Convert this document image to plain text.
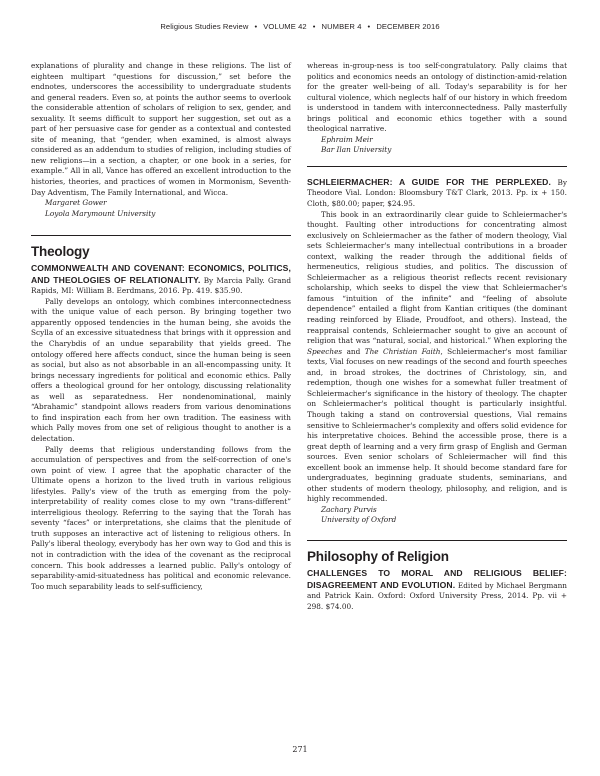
Religious Studies Review • VOLUME 42 • NUMBER 4 • DECEMBER 2016

explanations of plurality and change in these religions. The list of eighteen multipart “questions for discussion,” set before the endnotes, underscores the accessibility to undergraduate students and general readers. Even so, at points the author seems to overlook the considerable attention of scholars of religion to sex, gender, and sexuality. It seems difficult to support her suggestion, set out as a part of her persuasive case for gender as a contextual and contested site of meaning, that “gender, when examined, is almost always considered as an addendum to studies of religion, including studies of new religions—in a section, a chapter, or one book in a series, for example.” All in all, Vance has offered an excellent introduction to the histories, theories, and practices of women in Mormonism, Seventh-Day Adventism, The Family International, and Wicca.

Margaret Gower
Loyola Marymount University
Theology

COMMONWEALTH AND COVENANT: ECONOMICS, POLITICS, AND THEOLOGIES OF RELATIONALITY. By Marcia Pally. Grand Rapids, MI: William B. Eerdmans, 2016. Pp. 419. $35.90.

Pally develops an ontology, which combines interconnectedness with the unique value of each person. By bringing together two apparently opposed tendencies in the human being, she avoids the Scylla of an excessive situatedness that brings with it oppression and the Charybdis of an undue separability that yields greed. The ontology offered here affects conduct, since the human being is seen as social, but also as not absorbable in an all-encompassing unity. It brings necessary ingredients for political and economic ethics. Pally offers a theological ground for her ontology, discussing relationality as well as separatedness. Her nondenominational, mainly “Abrahamic” standpoint allows readers from various denominations to find inspiration each from her own tradition. The easiness with which Pally moves from one set of religious thought to another is a delectation.

Pally deems that religious understanding follows from the accumulation of perspectives and from the self-correction of one's own point of view. I agree that the apophatic character of the Ultimate opens a horizon to the lived truth in various religious lifestyles. Pally's view of the truth as emerging from the poly-interpretability of reality comes close to my own “trans-different” interreligious theology. Referring to the saying that the Torah has seventy “faces” or interpretations, she claims that the plenitude of truth supposes an interactive act of listening to religious others. In Pally's liberal theology, everybody has her own way to God and this is not in contradiction with the idea of the covenant as the reciprocal concern. This book addresses a learned public. Pally's ontology of separability-amid-situatedness has political and economic relevance. Too much separability leads to self-sufficiency,

whereas in-group-ness is too self-congratulatory. Pally claims that politics and economics needs an ontology of distinction-amid-relation for the greater well-being of all. Today's separability is for her cultural violence, which neglects half of our history in which freedom is understood in tandem with interconnectedness. Pally masterfully brings political and economic ethics together with a sound theological narrative.

Ephraim Meir
Bar Ilan University

SCHLEIERMACHER: A GUIDE FOR THE PERPLEXED. By Theodore Vial. London: Bloomsbury T&T Clark, 2013. Pp. ix + 150. Cloth, $80.00; paper, $24.95.

This book in an extraordinarily clear guide to Schleiermacher's thought. Faulting other introductions for concentrating almost exclusively on Schleiermacher as the father of modern theology, Vial sets Schleiermacher's many intellectual contributions in a broader context, walking the reader through the additional fields of hermeneutics, religious studies, and politics. The discussion of Schleiermacher as a religious theorist reflects recent revisionary scholarship, which seeks to dispel the view that Schleiermacher's famous “intuition of the infinite” and “feeling of absolute dependence” entailed a flight from Kantian critiques (the dominant reading reinforced by Eliade, Proudfoot, and others). Instead, the reappraisal contends, Schleiermacher sought to give an account of religion that was “natural, social, and historical.” When exploring the Speeches and The Christian Faith, Schleiermacher's most familiar texts, Vial focuses on new readings of the second and fourth speeches and, in broad strokes, the doctrines of Christology, sin, and redemption, though one wishes for a somewhat fuller treatment of Schleiermacher's significance in the history of theology. The chapter on Schleiermacher's political thought is particularly insightful. Though taking a stand on controversial questions, Vial remains sensitive to Schleiermacher's complexity and offers solid evidence for his interpretative choices. Behind the accessible prose, there is a great depth of learning and a very firm grasp of English and German sources. Even senior scholars of Schleiermacher will find this excellent book an immense help. It should become standard fare for undergraduates, beginning graduate students, seminarians, and other students of modern theology, philosophy, and religion, and is highly recommended.

Zachary Purvis
University of Oxford
Philosophy of Religion

CHALLENGES TO MORAL AND RELIGIOUS BELIEF: DISAGREEMENT AND EVOLUTION. Edited by Michael Bergmann and Patrick Kain. Oxford: Oxford University Press, 2014. Pp. vii + 298. $74.00.

271
